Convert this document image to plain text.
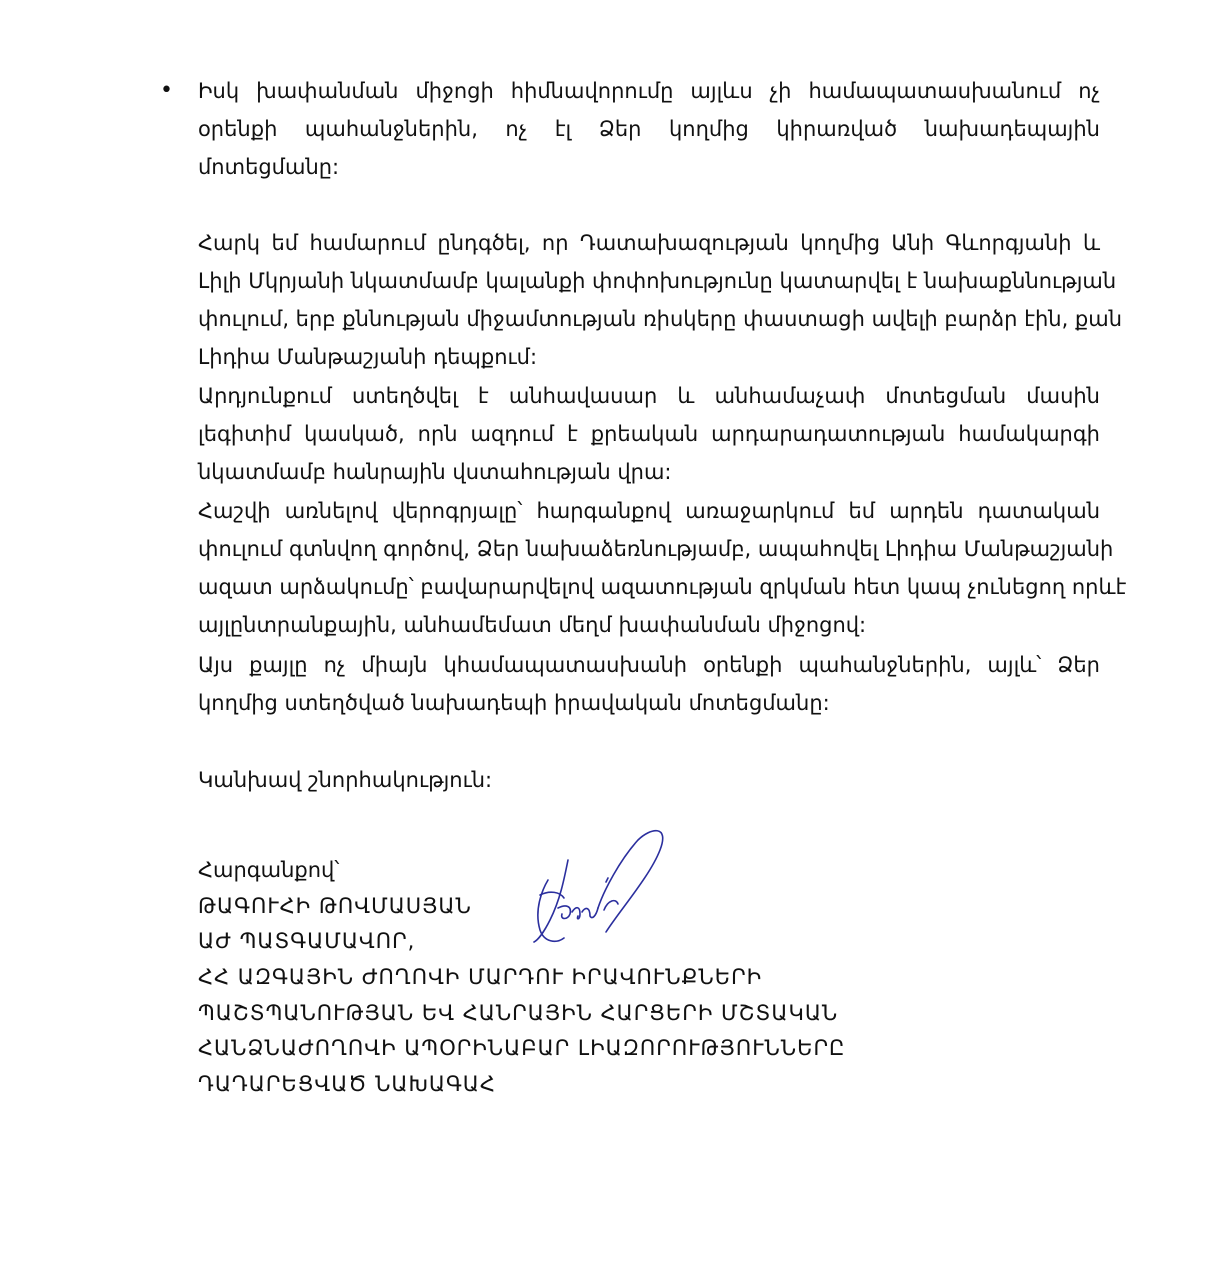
• Իսկ խափանման միջոցի հիմնավորումը այլևս չի համապատասխանում ոչ
օրենքի պահանջներին, ոչ էլ Ձեր կողմից կիրառված նախադեպային
մոտեցմանը:
Հարկ եմ համարում ընդգծել, որ Դատախազության կողմից Անի Գևորգյանի և
Լիլի Մկրյանի նկատմամբ կալանքի փոփոխությունը կատարվել է նախաքննության
փուլում, երբ քննության միջամտության ռիսկերը փաստացի ավելի բարձր էին, քան
Լիդիա Մանթաշյանի դեպքում:
Արդյունքում ստեղծվել է անհավասար և անհամաչափ մոտեցման մասին
լեգիտիմ կասկած, որն ազդում է քրեական արդարադատության համակարգի
նկատմամբ հանրային վստահության վրա:
Հաշվի առնելով վերոգրյալը՝ հարգանքով առաջարկում եմ արդեն դատական
փուլում գտնվող գործով, Ձեր նախաձեռնությամբ, ապահովել Լիդիա Մանթաշյանի
ազատ արձակումը՝ բավարարվելով ազատության զրկման հետ կապ չունեցող որևէ
այլընտրանքային, անհամեմատ մեղմ խափանման միջոցով:
Այս քայլը ոչ միայն կհամապատասխանի օրենքի պահանջներին, այլև՝ Ձեր
կողմից ստեղծված նախադեպի իրավական մոտեցմանը:
Կանխավ շնորհակություն:
Հարգանքով՝
ԹԱԳՈՒՀԻ ԹՈՎՄԱՍՅԱՆ
ԱԺ ՊԱՏԳԱՄԱՎՈՐ,
ՀՀ ԱԶԳԱՅԻՆ ԺՈՂՈՎԻ ՄԱՐԴՈՒ ԻՐԱՎՈՒՆՔՆԵՐԻ
ՊԱՇՏՊԱՆՈՒԹՅԱՆ ԵՎ ՀԱՆՐԱՅԻՆ ՀԱՐՑԵՐԻ ՄՇՏԱԿԱՆ
ՀԱՆՁՆԱԺՈՂՈՎԻ ԱՊՕՐԻՆԱԲԱՐ ԼԻԱԶՈՐՈՒԹՅՈՒՆՆԵՐԸ
ԴԱԴԱՐԵՑՎԱԾ ՆԱԽԱԳԱՀ
